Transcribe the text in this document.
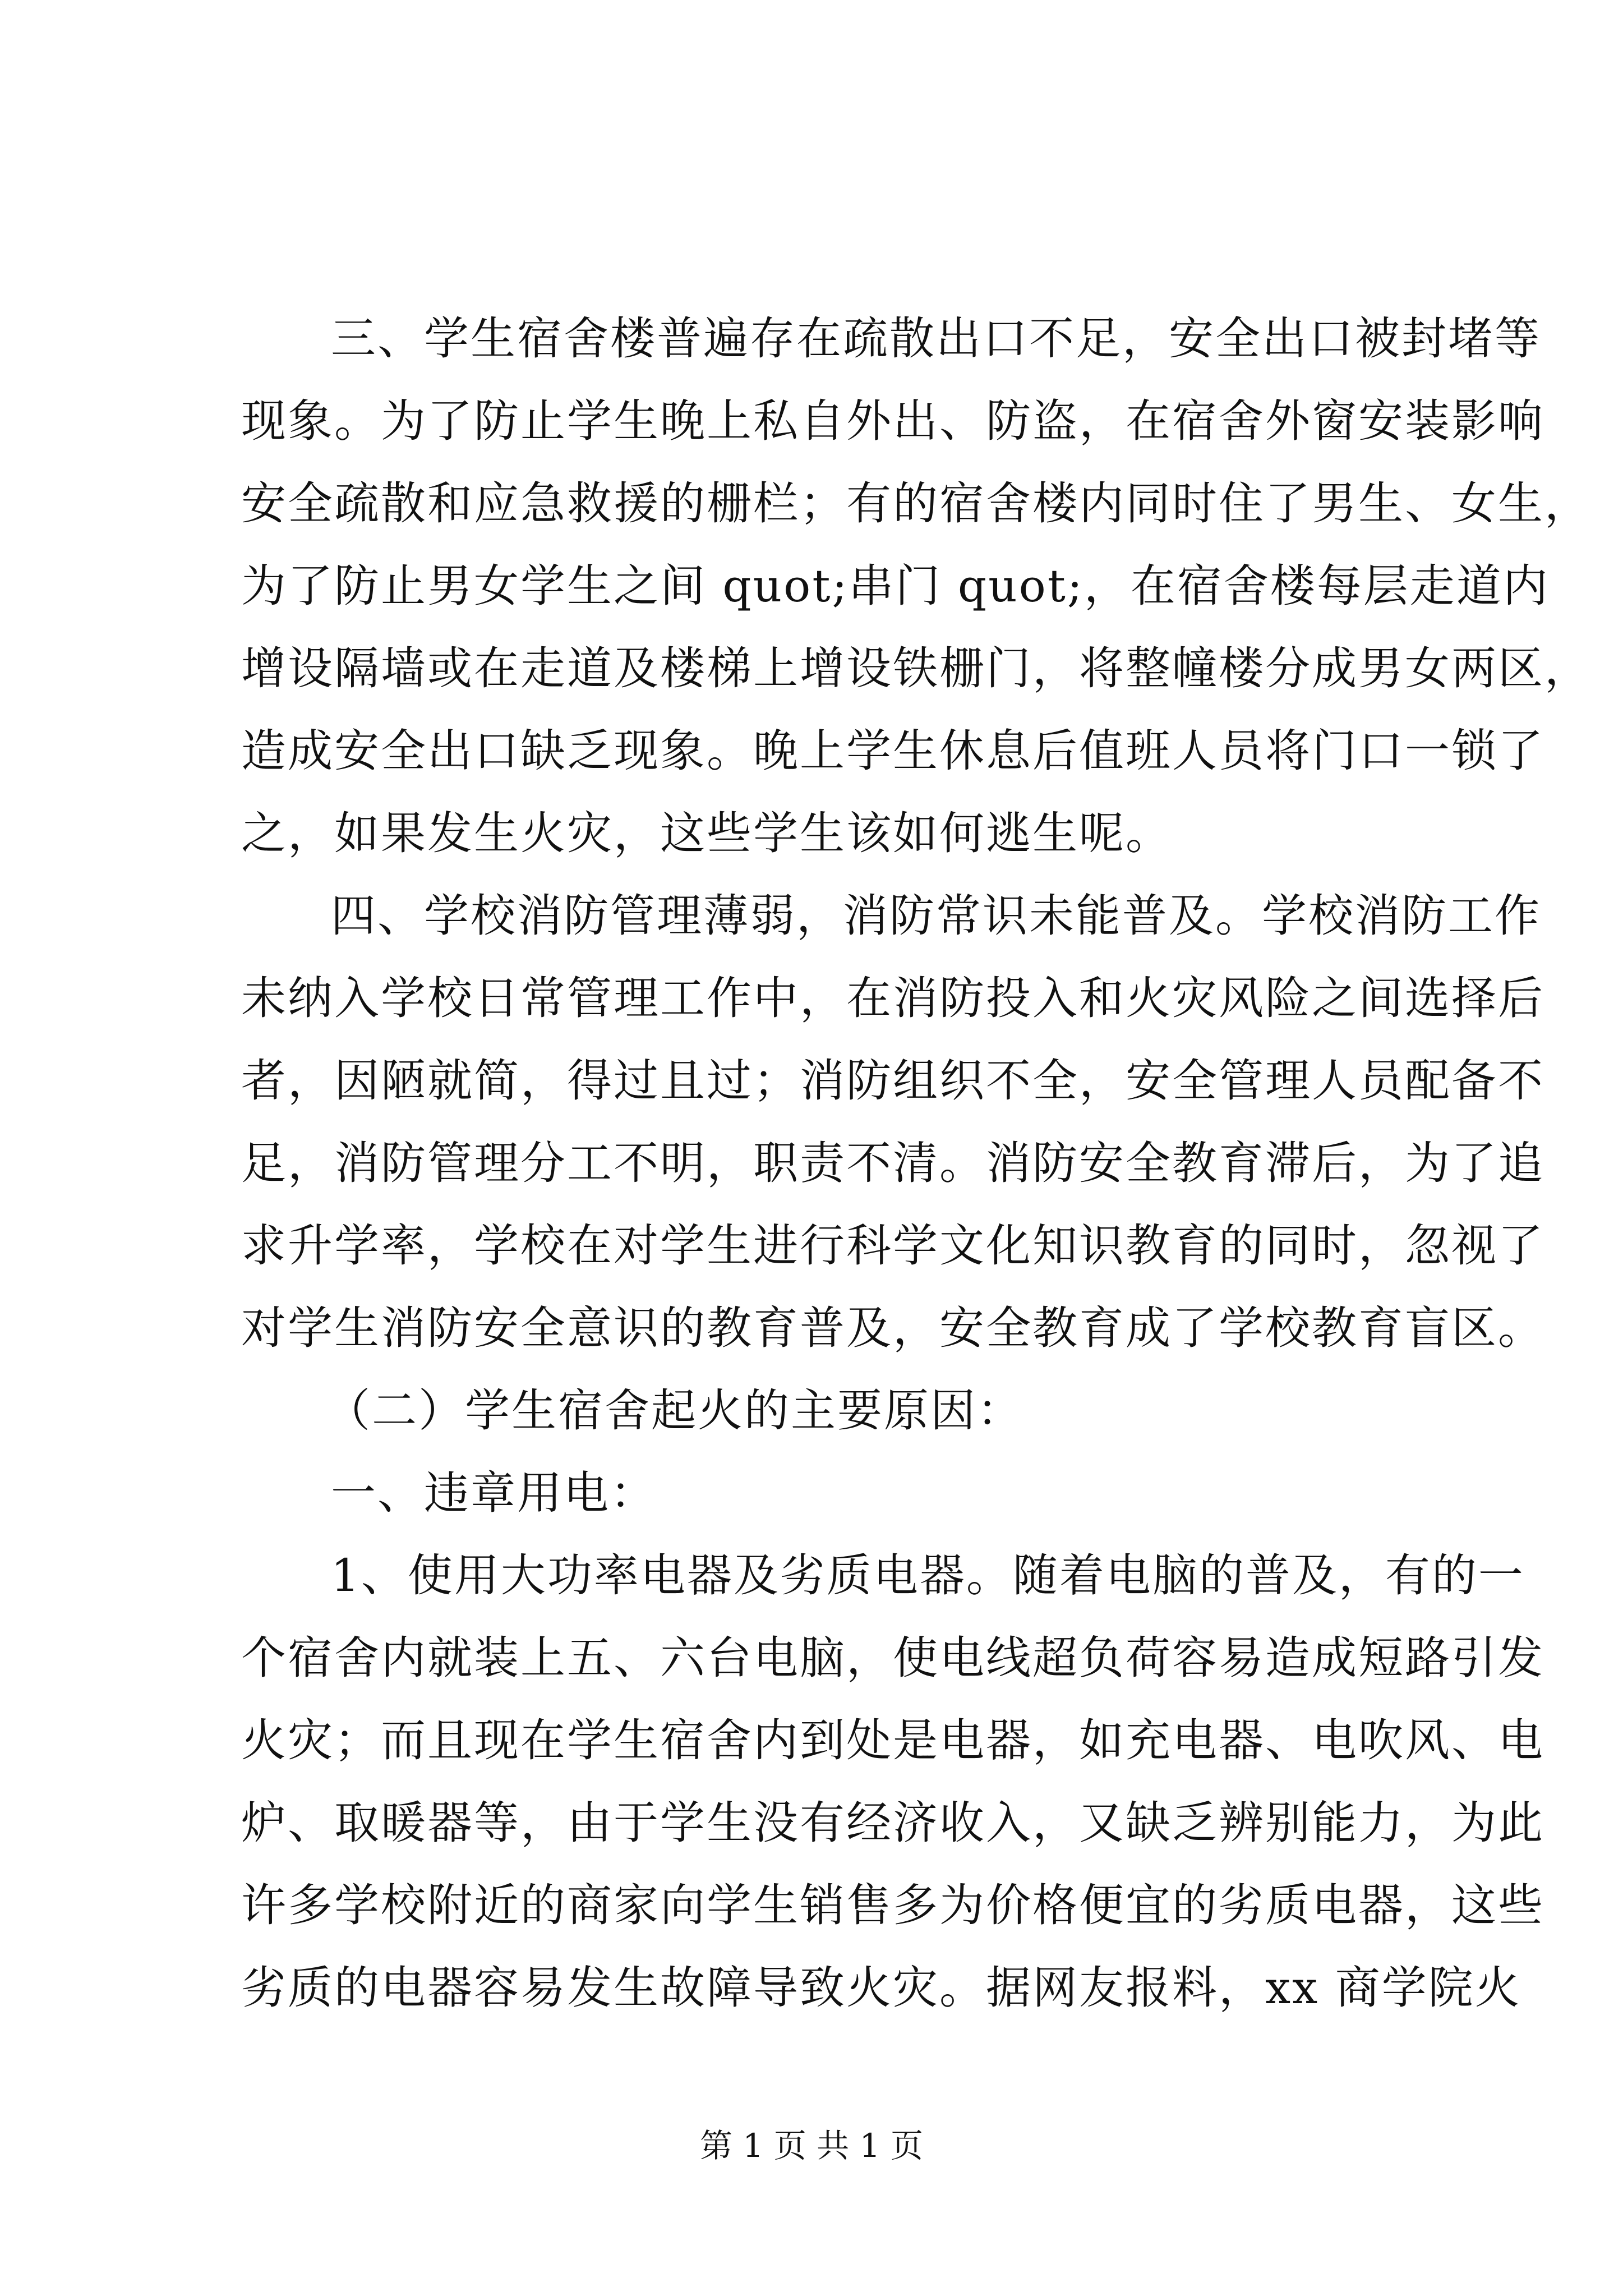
三、学生宿舍楼普遍存在疏散出口不足，安全出口被封堵等
现象。为了防止学生晚上私自外出、防盗，在宿舍外窗安装影响
安全疏散和应急救援的栅栏；有的宿舍楼内同时住了男生、女生，
为了防止男女学生之间 quot;串门 quot;，在宿舍楼每层走道内
增设隔墙或在走道及楼梯上增设铁栅门，将整幢楼分成男女两区，
造成安全出口缺乏现象。晚上学生休息后值班人员将门口一锁了
之，如果发生火灾，这些学生该如何逃生呢。
四、学校消防管理薄弱，消防常识未能普及。学校消防工作
未纳入学校日常管理工作中，在消防投入和火灾风险之间选择后
者，因陋就简，得过且过；消防组织不全，安全管理人员配备不
足，消防管理分工不明，职责不清。消防安全教育滞后，为了追
求升学率，学校在对学生进行科学文化知识教育的同时，忽视了
对学生消防安全意识的教育普及，安全教育成了学校教育盲区。
（二）学生宿舍起火的主要原因：
一、违章用电：
1、使用大功率电器及劣质电器。随着电脑的普及，有的一
个宿舍内就装上五、六台电脑，使电线超负荷容易造成短路引发
火灾；而且现在学生宿舍内到处是电器，如充电器、电吹风、电
炉、取暖器等，由于学生没有经济收入，又缺乏辨别能力，为此
许多学校附近的商家向学生销售多为价格便宜的劣质电器，这些
劣质的电器容易发生故障导致火灾。据网友报料，xx 商学院火
第 1 页 共 1 页
